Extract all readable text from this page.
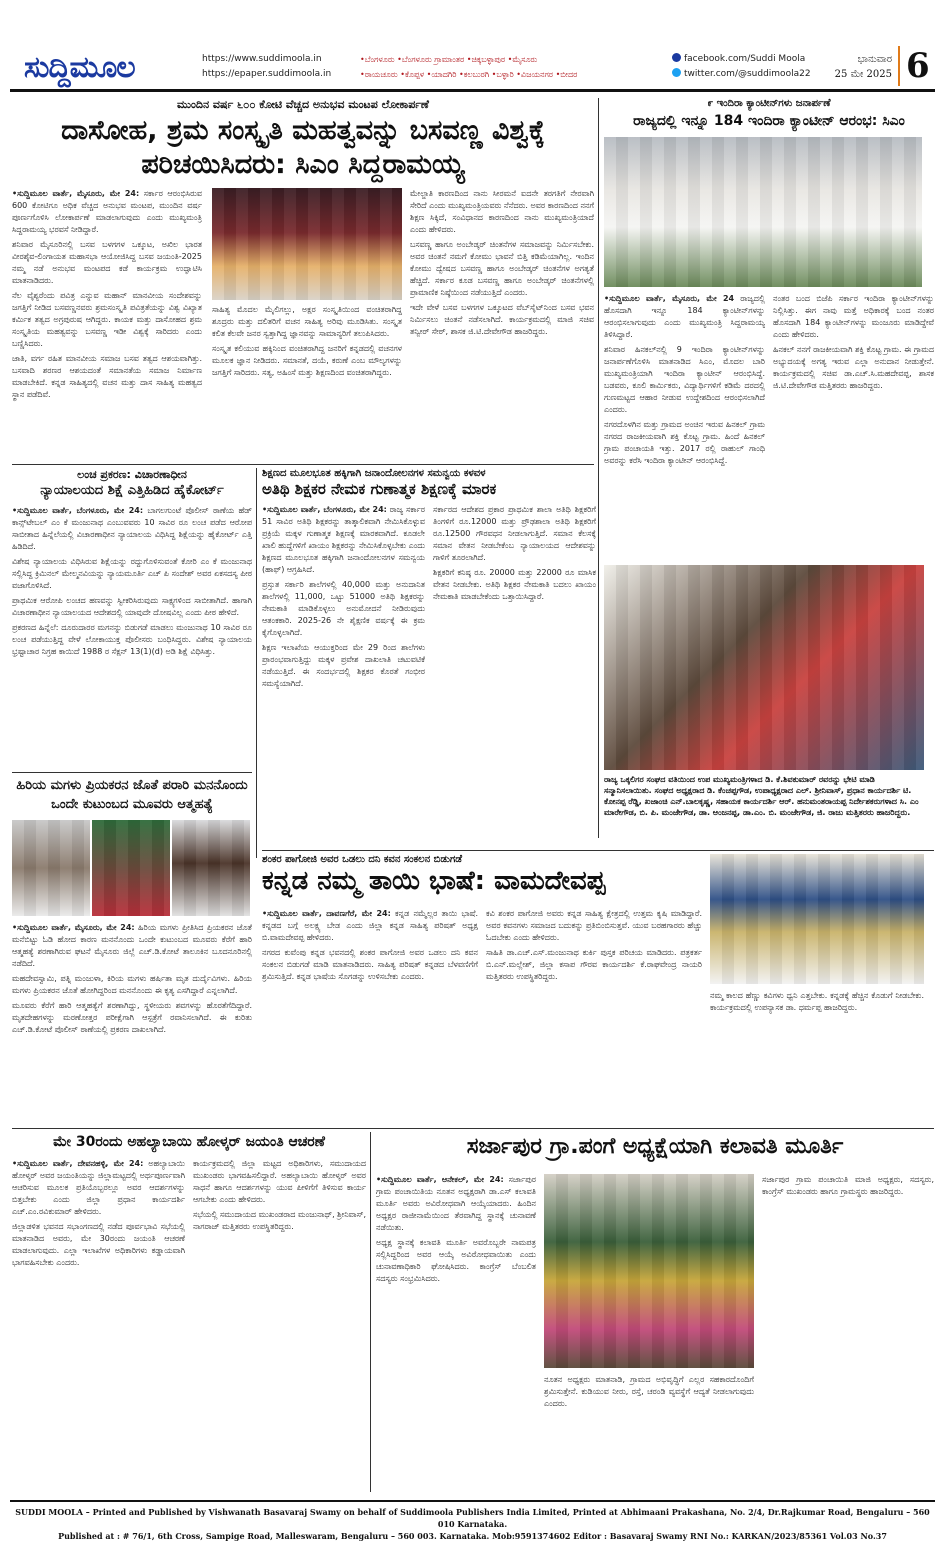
ಸುದ್ದಿಮೂಲ	https://www.suddimoola.in
https://epaper.suddimoola.in
•ಬೆಂಗಳೂರು •ಬೆಂಗಳೂರು ಗ್ರಾಮಾಂತರ •ಚಿಕ್ಕಬಳ್ಳಾಪುರ •ಮೈಸೂರು
•ರಾಯಚೂರು •ಕೊಪ್ಪಳ •ಯಾದಗಿರಿ •ಕಲಬುರಗಿ •ಬಳ್ಳಾರಿ •ವಿಜಯನಗರ •ಬೀದರ
facebook.com/Suddi Moola
twitter.com/@suddimoola22
ಭಾನುವಾರ
25 ಮೇ 2025 6
ಮುಂದಿನ ವರ್ಷ ೬೦೦ ಕೋಟಿ ವೆಚ್ಚದ ಅನುಭವ ಮಂಟಪ ಲೋಕಾರ್ಪಣೆ
ದಾಸೋಹ, ಶ್ರಮ ಸಂಸ್ಕೃತಿ ಮಹತ್ವವನ್ನು ಬಸವಣ್ಣ ವಿಶ್ವಕ್ಕೆ ಪರಿಚಯಿಸಿದರು: ಸಿಎಂ ಸಿದ್ದರಾಮಯ್ಯ

•ಸುದ್ದಿಮೂಲ ವಾರ್ತೆ, ಮೈಸೂರು, ಮೇ 24: ಸರ್ಕಾರ ಆರಂಭಿಸಿರುವ 600 ಕೋಟಿಗೂ ಅಧಿಕ ವೆಚ್ಚದ ಅನುಭವ ಮಂಟಪ, ಮುಂದಿನ ವರ್ಷ ಪೂರ್ಣಗೊಳಿಸಿ ಲೋಕಾರ್ಪಣೆ ಮಾಡಲಾಗುವುದು ಎಂದು ಮುಖ್ಯಮಂತ್ರಿ ಸಿದ್ದರಾಮಯ್ಯ ಭರವಸೆ ನೀಡಿದ್ದಾರೆ.

ಶನಿವಾರ ಮೈಸೂರಿನಲ್ಲಿ ಬಸವ ಬಳಗಗಳ ಒಕ್ಕೂಟ, ಅಖಿಲ ಭಾರತ ವೀರಶೈವ-ಲಿಂಗಾಯತ ಮಹಾಸಭಾ ಆಯೋಜಿಸಿದ್ದ ಬಸವ ಜಯಂತಿ-2025 ನಮ್ಮ ನಡೆ ಅನುಭವ ಮಂಟಪದ ಕಡೆ ಕಾರ್ಯಕ್ರಮ ಉದ್ಘಾಟಿಸಿ ಮಾತನಾಡಿದರು.

ನೆಲ ವೈಶ್ಯರೆಂದು ಪವಿತ್ರ ಎನ್ನುವ ಮಹಾನ್ ಮಾನವೀಯ ಸಂದೇಶವನ್ನು ಜಗತ್ತಿಗೆ ನೀಡಿದ ಬಸವಣ್ಣನವರು ಶ್ರಮಸಂಸ್ಕೃತಿ ಪವಿತ್ರತೆಯನ್ನು ವಿಶ್ವ ವಿಖ್ಯಾತ ಕರ್ಮಿಕ ತತ್ವದ ಅಗ್ರಪುರುಷ ಆಗಿದ್ದರು. ಕಾಯಕ ಮತ್ತು ದಾಸೋಹದ ಶ್ರಮ ಸಂಸ್ಕೃತಿಯ ಮಹತ್ವವನ್ನು ಬಸವಣ್ಣ ಇಡೀ ವಿಶ್ವಕ್ಕೆ ಸಾರಿದರು ಎಂದು ಬಣ್ಣಿಸಿದರು.

ಜಾತಿ, ವರ್ಗ ರಹಿತ ಮಾನವೀಯ ಸಮಾಜ ಬಸವ ತತ್ವದ ಆಶಯವಾಗಿತ್ತು. ಬಸವಾದಿ ಶರಣರ ಆಶಯದಂತೆ ಸಮಾನತೆಯ ಸಮಾಜ ನಿರ್ಮಾಣ ಮಾಡಬೇಕಿದೆ. ಕನ್ನಡ ಸಾಹಿತ್ಯದಲ್ಲಿ ವಚನ ಮತ್ತು ದಾಸ ಸಾಹಿತ್ಯ ಮಹತ್ವದ ಸ್ಥಾನ ಪಡೆದಿವೆ.

ಸಾಹಿತ್ಯ ಮೊದಲ ಮೈಲಿಗಲ್ಲು, ಅಕ್ಷರ ಸಂಸ್ಕೃತಿಯಿಂದ ವಂಚಿತರಾಗಿದ್ದ ಶೂದ್ರರು ಮತ್ತು ದಲಿತರಿಗೆ ವಚನ ಸಾಹಿತ್ಯ ಅರಿವು ಮೂಡಿಸಿತು. ಸಂಸ್ಕೃತ ಕಲಿತ ಕೆಲವೇ ಜನರ ಸ್ವತ್ತಾಗಿದ್ದ ಜ್ಞಾನವನ್ನು ಸಾಮಾನ್ಯರಿಗೆ ತಲುಪಿಸಿದರು.

ಸಂಸ್ಕೃತ ಕಲಿಯುವ ಹಕ್ಕಿನಿಂದ ವಂಚಿತರಾಗಿದ್ದ ಜನರಿಗೆ ಕನ್ನಡದಲ್ಲಿ ವಚನಗಳ ಮೂಲಕ ಜ್ಞಾನ ನೀಡಿದರು. ಸಮಾನತೆ, ದಯೆ, ಕರುಣೆ ಎಂಬ ಮೌಲ್ಯಗಳನ್ನು ಜಗತ್ತಿಗೆ ಸಾರಿದರು. ಸತ್ಯ, ಅಹಿಂಸೆ ಮತ್ತು ಶಿಕ್ಷಣದಿಂದ ವಂಚಿತರಾಗಿದ್ದರು.

ಮೇಲ್ಜಾತಿ ಕಾರಣದಿಂದ ನಾನು ಸೀರಮನೆ ಐದನೇ ತರಗತಿಗೆ ನೇರವಾಗಿ ಸೇರಿದೆ ಎಂದು ಮುಖ್ಯಮಂತ್ರಿಯವರು ನೆನೆದರು. ಅವರ ಕಾರಣದಿಂದ ನನಗೆ ಶಿಕ್ಷಣ ಸಿಕ್ಕಿದೆ, ಸಂವಿಧಾನದ ಕಾರಣದಿಂದ ನಾನು ಮುಖ್ಯಮಂತ್ರಿಯಾದೆ ಎಂದು ಹೇಳಿದರು.

ಬಸವಣ್ಣ ಹಾಗೂ ಅಂಬೇಡ್ಕರ್ ಚಿಂತನೆಗಳ ಸಮಾಜವನ್ನು ನಿರ್ಮಿಸಬೇಕು. ಅವರ ಚಿಂತನೆ ನಮಗೆ ಕೋಮು ಭಾವನೆ ಬಿತ್ತಿ ಕಡಿಮೆಯಾಗಿಲ್ಲ. ಇಂದಿನ ಕೋಮು ದ್ವೇಷದ ಬಸವಣ್ಣ ಹಾಗೂ ಅಂಬೇಡ್ಕರ್ ಚಿಂತನೆಗಳ ಅಗತ್ಯತೆ ಹೆಚ್ಚಿದೆ. ಸರ್ಕಾರ ಕೂಡ ಬಸವಣ್ಣ ಹಾಗೂ ಅಂಬೇಡ್ಕರ್ ಚಿಂತನೆಗಳಲ್ಲಿ ಪ್ರಾಮಾಣಿಕ ನಿಷ್ಠೆಯಿಂದ ನಡೆಯುತ್ತಿದೆ ಎಂದರು.

ಇದೇ ವೇಳೆ ಬಸವ ಬಳಗಗಳ ಒಕ್ಕೂಟದ ವೆಬ್‌ಸೈಟ್‌ನಿಂದ ಬಸವ ಭವನ ನಿರ್ಮಿಸಲು ಚಿಂತನೆ ನಡೆಸಲಾಗಿದೆ. ಕಾರ್ಯಕ್ರಮದಲ್ಲಿ ಮಾಜಿ ಸಚಿವ ತನ್ವೀರ್ ಸೇಠ್, ಶಾಸಕ ಜಿ.ಟಿ.ದೇವೇಗೌಡ ಹಾಜರಿದ್ದರು.

೯ ಇಂದಿರಾ ಕ್ಯಾಂಟೀನ್‌ಗಳು ಜನಾರ್ಪಣೆ
ರಾಜ್ಯದಲ್ಲಿ ಇನ್ನೂ 184 ಇಂದಿರಾ ಕ್ಯಾಂಟೀನ್ ಆರಂಭ: ಸಿಎಂ

•ಸುದ್ದಿಮೂಲ ವಾರ್ತೆ, ಮೈಸೂರು, ಮೇ 24 ರಾಜ್ಯದಲ್ಲಿ ಹೊಸದಾಗಿ ಇನ್ನೂ 184 ಕ್ಯಾಂಟೀನ್‌ಗಳನ್ನು ಆರಂಭಿಸಲಾಗುವುದು ಎಂದು ಮುಖ್ಯಮಂತ್ರಿ ಸಿದ್ದರಾಮಯ್ಯ ತಿಳಿಸಿದ್ದಾರೆ.

ಶನಿವಾರ ಹಿನಕಲ್‌ನಲ್ಲಿ 9 ಇಂದಿರಾ ಕ್ಯಾಂಟೀನ್‌ಗಳನ್ನು ಜನಾರ್ಪಣೆಗೊಳಿಸಿ ಮಾತನಾಡಿದ ಸಿಎಂ, ಮೊದಲ ಬಾರಿ ಮುಖ್ಯಮಂತ್ರಿಯಾಗಿ ಇಂದಿರಾ ಕ್ಯಾಂಟೀನ್ ಆರಂಭಿಸಿದ್ದೆ. ಬಡವರು, ಕೂಲಿ ಕಾರ್ಮಿಕರು, ವಿದ್ಯಾರ್ಥಿಗಳಿಗೆ ಕಡಿಮೆ ದರದಲ್ಲಿ ಗುಣಮಟ್ಟದ ಆಹಾರ ನೀಡುವ ಉದ್ದೇಶದಿಂದ ಆರಂಭಿಸಲಾಗಿದೆ ಎಂದರು.

ನಗರದೊಳಗಿನ ಮತ್ತು ಗ್ರಾಮದ ಅಂಚಿನ ಇರುವ ಹಿನಕಲ್ ಗ್ರಾಮ ನಗರದ ರಾಜಕೀಯವಾಗಿ ಶಕ್ತಿ ಕೊಟ್ಟ ಗ್ರಾಮ. ಹಿಂದೆ ಹಿನಕಲ್ ಗ್ರಾಮ ಪಂಚಾಯತಿ ಇತ್ತು. 2017 ರಲ್ಲಿ ರಾಹುಲ್ ಗಾಂಧಿ ಅವರನ್ನು ಕರೆಸಿ ಇಂದಿರಾ ಕ್ಯಾಂಟೀನ್ ಆರಂಭಿಸಿದ್ದೆ.

ನಂತರ ಬಂದ ಬಿಜೆಪಿ ಸರ್ಕಾರ ಇಂದಿರಾ ಕ್ಯಾಂಟೀನ್‌ಗಳನ್ನು ನಿಲ್ಲಿಸಿತ್ತು. ಈಗ ನಾವು ಮತ್ತೆ ಅಧಿಕಾರಕ್ಕೆ ಬಂದ ನಂತರ ಹೊಸದಾಗಿ 184 ಕ್ಯಾಂಟೀನ್‌ಗಳನ್ನು ಮಂಜೂರು ಮಾಡಿದ್ದೇವೆ ಎಂದು ಹೇಳಿದರು.

ಹಿನಕಲ್ ನನಗೆ ರಾಜಕೀಯವಾಗಿ ಶಕ್ತಿ ಕೊಟ್ಟ ಗ್ರಾಮ. ಈ ಗ್ರಾಮದ ಅಭ್ಯುದಯಕ್ಕೆ ಅಗತ್ಯ ಇರುವ ಎಲ್ಲಾ ಅನುದಾನ ನೀಡುತ್ತೇನೆ. ಕಾರ್ಯಕ್ರಮದಲ್ಲಿ ಸಚಿವ ಡಾ.ಎಚ್.ಸಿ.ಮಹದೇವಪ್ಪ, ಶಾಸಕ ಜಿ.ಟಿ.ದೇವೇಗೌಡ ಮತ್ತಿತರರು ಹಾಜರಿದ್ದರು.

ರಾಜ್ಯ ಒಕ್ಕಲಿಗರ ಸಂಘದ ವತಿಯಿಂದ ಉಪ ಮುಖ್ಯಮಂತ್ರಿಗಳಾದ ಡಿ. ಕೆ.ಶಿವಕುಮಾರ್ ರವರನ್ನು ಭೇಟಿ ಮಾಡಿ ಸನ್ಮಾನಿಸಲಾಯಿತು. ಸಂಘದ ಅಧ್ಯಕ್ಷರಾದ ಡಿ. ಕೆಂಚಪ್ಪಗೌಡ, ಉಪಾಧ್ಯಕ್ಷರಾದ ಎಲ್. ಶ್ರೀನಿವಾಸ್, ಪ್ರಧಾನ ಕಾರ್ಯದರ್ಶಿ ಟಿ. ಕೋನಪ್ಪ ರೆಡ್ಡಿ, ಖಜಾಂಚಿ ಎನ್.ಬಾಲಕೃಷ್ಣ, ಸಹಾಯಕ ಕಾರ್ಯದರ್ಶಿ ಆರ್. ಹನುಮಂತರಾಯಪ್ಪ ನಿರ್ದೇಶಕರುಗಳಾದ ಸಿ. ಎಂ ಮಾರೇಗೌಡ, ಬಿ. ಪಿ. ಮಂಜೇಗೌಡ, ಡಾ. ಆಂಜನಪ್ಪ, ಡಾ.ಎಂ. ಬಿ. ಮಂಜೇಗೌಡ, ಜಿ. ರಾಜು ಮತ್ತಿತರರು ಹಾಜರಿದ್ದರು.
ಲಂಚ ಪ್ರಕರಣ: ವಿಚಾರಣಾಧೀನ
ನ್ಯಾಯಾಲಯದ ಶಿಕ್ಷೆ ಎತ್ತಿಹಿಡಿದ ಹೈಕೋರ್ಟ್

•ಸುದ್ದಿಮೂಲ ವಾರ್ತೆ, ಬೆಂಗಳೂರು, ಮೇ 24: ಬಾಗಲಗುಂಟೆ ಪೊಲೀಸ್ ಠಾಣೆಯ ಹೆಡ್ ಕಾನ್ಸ್‌ಟೇಬಲ್ ಎಂ ಕೆ ಮಂಜುನಾಥ ಎಂಬುವವರು 10 ಸಾವಿರ ರೂ ಲಂಚ ಪಡೆದ ಆರೋಪ ಸಾಬೀತಾದ ಹಿನ್ನೆಲೆಯಲ್ಲಿ ವಿಚಾರಣಾಧೀನ ನ್ಯಾಯಾಲಯ ವಿಧಿಸಿದ್ದ ಶಿಕ್ಷೆಯನ್ನು ಹೈಕೋರ್ಟ್ ಎತ್ತಿ ಹಿಡಿದಿದೆ.

ವಿಶೇಷ ನ್ಯಾಯಾಲಯ ವಿಧಿಸಿರುವ ಶಿಕ್ಷೆಯನ್ನು ರದ್ದುಗೊಳಿಸುವಂತೆ ಕೋರಿ ಎಂ ಕೆ ಮಂಜುನಾಥ ಸಲ್ಲಿಸಿದ್ದ ಕ್ರಿಮಿನಲ್ ಮೇಲ್ಮನವಿಯನ್ನು ನ್ಯಾಯಮೂರ್ತಿ ಎಚ್ ಪಿ ಸಂದೇಶ್ ಅವರ ಏಕಸದಸ್ಯ ಪೀಠ ವಜಾಗೊಳಿಸಿದೆ.

ಪ್ರಾಥಮಿಕ ಆರೋಪಿ ಲಂಚದ ಹಣವನ್ನು ಸ್ವೀಕರಿಸಿರುವುದು ಸಾಕ್ಷ್ಯಗಳಿಂದ ಸಾಬೀತಾಗಿದೆ. ಹಾಗಾಗಿ ವಿಚಾರಣಾಧೀನ ನ್ಯಾಯಾಲಯದ ಆದೇಶದಲ್ಲಿ ಯಾವುದೇ ದೋಷವಿಲ್ಲ ಎಂದು ಪೀಠ ಹೇಳಿದೆ.

ಪ್ರಕರಣದ ಹಿನ್ನೆಲೆ: ದೂರುದಾರರ ಮಗನನ್ನು ಬಿಡುಗಡೆ ಮಾಡಲು ಮಂಜುನಾಥ 10 ಸಾವಿರ ರೂ ಲಂಚ ಪಡೆಯುತ್ತಿದ್ದ ವೇಳೆ ಲೋಕಾಯುಕ್ತ ಪೊಲೀಸರು ಬಂಧಿಸಿದ್ದರು. ವಿಶೇಷ ನ್ಯಾಯಾಲಯ ಭ್ರಷ್ಟಾಚಾರ ನಿಗ್ರಹ ಕಾಯಿದೆ 1988 ರ ಸೆಕ್ಷನ್ 13(1)(d) ಅಡಿ ಶಿಕ್ಷೆ ವಿಧಿಸಿತ್ತು.

ಶಿಕ್ಷಣದ ಮೂಲಭೂತ ಹಕ್ಕಿಗಾಗಿ ಜನಾಂದೋಲನಗಳ ಸಮನ್ವಯ ಕಳವಳ
ಅತಿಥಿ ಶಿಕ್ಷಕರ ನೇಮಕ ಗುಣಾತ್ಮಕ ಶಿಕ್ಷಣಕ್ಕೆ ಮಾರಕ

•ಸುದ್ದಿಮೂಲ ವಾರ್ತೆ, ಬೆಂಗಳೂರು, ಮೇ 24: ರಾಜ್ಯ ಸರ್ಕಾರ 51 ಸಾವಿರ ಅತಿಥಿ ಶಿಕ್ಷಕರನ್ನು ತಾತ್ಕಾಲಿಕವಾಗಿ ನೇಮಿಸಿಕೊಳ್ಳುವ ಪ್ರಕ್ರಿಯೆ ಮಕ್ಕಳ ಗುಣಾತ್ಮಕ ಶಿಕ್ಷಣಕ್ಕೆ ಮಾರಕವಾಗಿದೆ. ಕೂಡಲೇ ಖಾಲಿ ಹುದ್ದೆಗಳಿಗೆ ಖಾಯಂ ಶಿಕ್ಷಕರನ್ನು ನೇಮಿಸಿಕೊಳ್ಳಬೇಕು ಎಂದು ಶಿಕ್ಷಣದ ಮೂಲಭೂತ ಹಕ್ಕಿಗಾಗಿ ಜನಾಂದೋಲನಗಳ ಸಮನ್ವಯ (ಹಾಫ್) ಆಗ್ರಹಿಸಿದೆ.

ಪ್ರಸ್ತುತ ಸರ್ಕಾರಿ ಶಾಲೆಗಳಲ್ಲಿ 40,000 ಮತ್ತು ಅನುದಾನಿತ ಶಾಲೆಗಳಲ್ಲಿ 11,000, ಒಟ್ಟು 51000 ಅತಿಥಿ ಶಿಕ್ಷಕರನ್ನು ನೇಮಕಾತಿ ಮಾಡಿಕೊಳ್ಳಲು ಅನುಮೋದನೆ ನೀಡಿರುವುದು ಆತಂಕಕಾರಿ. 2025-26 ನೇ ಶೈಕ್ಷಣಿಕ ವರ್ಷಕ್ಕೆ ಈ ಕ್ರಮ ಕೈಗೊಳ್ಳಲಾಗಿದೆ.

ಶಿಕ್ಷಣ ಇಲಾಖೆಯ ಆಯುಕ್ತರಿಂದ ಮೇ 29 ರಿಂದ ಶಾಲೆಗಳು ಪ್ರಾರಂಭವಾಗುತ್ತಿದ್ದು ಮಕ್ಕಳ ಪ್ರವೇಶ ದಾಖಲಾತಿ ಚಟುವಟಿಕೆ ನಡೆಯುತ್ತಿದೆ. ಈ ಸಂದರ್ಭದಲ್ಲಿ ಶಿಕ್ಷಕರ ಕೊರತೆ ಗಂಭೀರ ಸಮಸ್ಯೆಯಾಗಿದೆ.

ಸರ್ಕಾರದ ಆದೇಶದ ಪ್ರಕಾರ ಪ್ರಾಥಮಿಕ ಶಾಲಾ ಅತಿಥಿ ಶಿಕ್ಷಕರಿಗೆ ತಿಂಗಳಿಗೆ ರೂ.12000 ಮತ್ತು ಪ್ರೌಢಶಾಲಾ ಅತಿಥಿ ಶಿಕ್ಷಕರಿಗೆ ರೂ.12500 ಗೌರವಧನ ನೀಡಲಾಗುತ್ತಿದೆ. ಸಮಾನ ಕೆಲಸಕ್ಕೆ ಸಮಾನ ವೇತನ ನೀಡಬೇಕೆಂಬ ನ್ಯಾಯಾಲಯದ ಆದೇಶವನ್ನು ಗಾಳಿಗೆ ತೂರಲಾಗಿದೆ.

ಶಿಕ್ಷಕರಿಗೆ ಕನಿಷ್ಠ ರೂ. 20000 ಮತ್ತು 22000 ರೂ ಮಾಸಿಕ ವೇತನ ನೀಡಬೇಕು. ಅತಿಥಿ ಶಿಕ್ಷಕರ ನೇಮಕಾತಿ ಬದಲು ಖಾಯಂ ನೇಮಕಾತಿ ಮಾಡಬೇಕೆಂದು ಒತ್ತಾಯಿಸಿದ್ದಾರೆ.

ಹಿರಿಯ ಮಗಳು ಪ್ರಿಯಕರನ ಜೊತೆ ಪರಾರಿ ಮನನೊಂದು ಒಂದೇ ಕುಟುಂಬದ ಮೂವರು ಆತ್ಮಹತ್ಯೆ

•ಸುದ್ದಿಮೂಲ ವಾರ್ತೆ, ಮೈಸೂರು, ಮೇ 24: ಹಿರಿಯ ಮಗಳು ಪ್ರೀತಿಸಿದ ಪ್ರಿಯಕರನ ಜೊತೆ ಮನೆಬಿಟ್ಟು ಓಡಿ ಹೋದ ಕಾರಣ ಮನನೊಂದು ಒಂದೇ ಕುಟುಂಬದ ಮೂವರು ಕೆರೆಗೆ ಹಾರಿ ಆತ್ಮಹತ್ಯೆ ಶರಣಾಗಿರುವ ಘಟನೆ ಮೈಸೂರು ಜಿಲ್ಲೆ ಎಚ್.ಡಿ.ಕೋಟೆ ತಾಲೂಕಿನ ಬೂದನೂರಿನಲ್ಲಿ ನಡೆದಿದೆ.

ಮಹದೇವಸ್ವಾಮಿ, ಪತ್ನಿ ಮಂಜುಳಾ, ಕಿರಿಯ ಮಗಳು ಹರ್ಷಿತಾ ಮೃತ ದುರ್ದೈವಿಗಳು. ಹಿರಿಯ ಮಗಳು ಪ್ರಿಯಕರನ ಜೊತೆ ಹೋಗಿದ್ದರಿಂದ ಮನನೊಂದು ಈ ಕೃತ್ಯ ಎಸಗಿದ್ದಾರೆ ಎನ್ನಲಾಗಿದೆ.

ಮೂವರು ಕೆರೆಗೆ ಹಾರಿ ಆತ್ಮಹತ್ಯೆಗೆ ಶರಣಾಗಿದ್ದು, ಸ್ಥಳೀಯರು ಶವಗಳನ್ನು ಹೊರತೆಗೆದಿದ್ದಾರೆ. ಮೃತದೇಹಗಳನ್ನು ಮರಣೋತ್ತರ ಪರೀಕ್ಷೆಗಾಗಿ ಆಸ್ಪತ್ರೆಗೆ ರವಾನಿಸಲಾಗಿದೆ. ಈ ಕುರಿತು ಎಚ್.ಡಿ.ಕೋಟೆ ಪೊಲೀಸ್ ಠಾಣೆಯಲ್ಲಿ ಪ್ರಕರಣ ದಾಖಲಾಗಿದೆ.

ಶಂಕರ ಪಾಗೋಜಿ ಅವರ ಒಡಲು ದನಿ ಕವನ ಸಂಕಲನ ಬಿಡುಗಡೆ
ಕನ್ನಡ ನಮ್ಮ ತಾಯಿ ಭಾಷೆ: ವಾಮದೇವಪ್ಪ

•ಸುದ್ದಿಮೂಲ ವಾರ್ತೆ, ದಾವಣಗೆರೆ, ಮೇ 24: ಕನ್ನಡ ನಮ್ಮೆಲ್ಲರ ತಾಯಿ ಭಾಷೆ. ಕನ್ನಡದ ಬಗ್ಗೆ ಅಲಕ್ಷ್ಯ ಬೇಡ ಎಂದು ಜಿಲ್ಲಾ ಕನ್ನಡ ಸಾಹಿತ್ಯ ಪರಿಷತ್ ಅಧ್ಯಕ್ಷ ಬಿ.ವಾಮದೇವಪ್ಪ ಹೇಳಿದರು.

ನಗರದ ಕುವೆಂಪು ಕನ್ನಡ ಭವನದಲ್ಲಿ ಶಂಕರ ಪಾಗೋಜಿ ಅವರ ಒಡಲು ದನಿ ಕವನ ಸಂಕಲನ ಬಿಡುಗಡೆ ಮಾಡಿ ಮಾತನಾಡಿದರು. ಸಾಹಿತ್ಯ ಪರಿಷತ್ ಕನ್ನಡದ ಬೆಳವಣಿಗೆಗೆ ಶ್ರಮಿಸುತ್ತಿದೆ. ಕನ್ನಡ ಭಾಷೆಯ ಸೊಗಡನ್ನು ಉಳಿಸಬೇಕು ಎಂದರು.

ಕವಿ ಶಂಕರ ಪಾಗೋಜಿ ಅವರು ಕನ್ನಡ ಸಾಹಿತ್ಯ ಕ್ಷೇತ್ರದಲ್ಲಿ ಉತ್ತಮ ಕೃಷಿ ಮಾಡಿದ್ದಾರೆ. ಅವರ ಕವನಗಳು ಸಮಾಜದ ಬದುಕನ್ನು ಪ್ರತಿಬಿಂಬಿಸುತ್ತವೆ. ಯುವ ಬರಹಗಾರರು ಹೆಚ್ಚು ಓದಬೇಕು ಎಂದು ಹೇಳಿದರು.

ಸಾಹಿತಿ ಡಾ.ಎಚ್.ಎಸ್.ಮಂಜುನಾಥ ಕುರ್ಕಿ ಪುಸ್ತಕ ಪರಿಚಯ ಮಾಡಿದರು. ಪತ್ರಕರ್ತ ಬಿ.ಎನ್.ಮಲ್ಲೇಶ್, ಜಿಲ್ಲಾ ಕಸಾಪ ಗೌರವ ಕಾರ್ಯದರ್ಶಿ ಕೆ.ರಾಘವೇಂದ್ರ ನಾಯರಿ ಮತ್ತಿತರರು ಉಪಸ್ಥಿತರಿದ್ದರು.

ನಮ್ಮ ಕಾಲದ ಹೆಣ್ಣು ಕವಿಗಳು ಧ್ವನಿ ಎತ್ತಬೇಕು. ಕನ್ನಡಕ್ಕೆ ಹೆಚ್ಚಿನ ಕೊಡುಗೆ ನೀಡಬೇಕು. ಕಾರ್ಯಕ್ರಮದಲ್ಲಿ ಉಪನ್ಯಾಸಕ ಡಾ. ಧರ್ಮಪ್ಪ ಹಾಜರಿದ್ದರು.

ಮೇ 30ರಂದು ಅಹಲ್ಯಾಬಾಯಿ ಹೋಳ್ಕರ್ ಜಯಂತಿ ಆಚರಣೆ

•ಸುದ್ದಿಮೂಲ ವಾರ್ತೆ, ದೇವನಹಳ್ಳಿ, ಮೇ 24: ಅಹಲ್ಯಾಬಾಯಿ ಹೋಳ್ಕರ್ ಅವರ ಜಯಂತಿಯನ್ನು ಜಿಲ್ಲಾಮಟ್ಟದಲ್ಲಿ ಅರ್ಥಪೂರ್ಣವಾಗಿ ಆಚರಿಸುವ ಮೂಲಕ ಪ್ರತಿಯೊಬ್ಬರಲ್ಲೂ ಅವರ ಆದರ್ಶಗಳನ್ನು ಬಿತ್ತಬೇಕು ಎಂದು ಜಿಲ್ಲಾ ಪ್ರಧಾನ ಕಾರ್ಯದರ್ಶಿ ಎಚ್.ಎಂ.ರವಿಕುಮಾರ್ ಹೇಳಿದರು.

ಜಿಲ್ಲಾಡಳಿತ ಭವನದ ಸಭಾಂಗಣದಲ್ಲಿ ನಡೆದ ಪೂರ್ವಭಾವಿ ಸಭೆಯಲ್ಲಿ ಮಾತನಾಡಿದ ಅವರು, ಮೇ 30ರಂದು ಜಯಂತಿ ಆಚರಣೆ ಮಾಡಲಾಗುವುದು. ಎಲ್ಲಾ ಇಲಾಖೆಗಳ ಅಧಿಕಾರಿಗಳು ಕಡ್ಡಾಯವಾಗಿ ಭಾಗವಹಿಸಬೇಕು ಎಂದರು.

ಕಾರ್ಯಕ್ರಮದಲ್ಲಿ ಜಿಲ್ಲಾ ಮಟ್ಟದ ಅಧಿಕಾರಿಗಳು, ಸಮುದಾಯದ ಮುಖಂಡರು ಭಾಗವಹಿಸಲಿದ್ದಾರೆ. ಅಹಲ್ಯಾಬಾಯಿ ಹೋಳ್ಕರ್ ಅವರ ಸಾಧನೆ ಹಾಗೂ ಆದರ್ಶಗಳನ್ನು ಯುವ ಪೀಳಿಗೆಗೆ ತಿಳಿಸುವ ಕಾರ್ಯ ಆಗಬೇಕು ಎಂದು ಹೇಳಿದರು.

ಸಭೆಯಲ್ಲಿ ಸಮುದಾಯದ ಮುಖಂಡರಾದ ಮಂಜುನಾಥ್, ಶ್ರೀನಿವಾಸ್, ನಾಗರಾಜ್ ಮತ್ತಿತರರು ಉಪಸ್ಥಿತರಿದ್ದರು.

ಸರ್ಜಾಪುರ ಗ್ರಾ.ಪಂಗೆ ಅಧ್ಯಕ್ಷೆಯಾಗಿ ಕಲಾವತಿ ಮೂರ್ತಿ

•ಸುದ್ದಿಮೂಲ ವಾರ್ತೆ, ಆನೇಕಲ್, ಮೇ 24: ಸರ್ಜಾಪುರ ಗ್ರಾಮ ಪಂಚಾಯಿತಿಯ ನೂತನ ಅಧ್ಯಕ್ಷರಾಗಿ ಡಾ.ಎಸ್ ಕಲಾವತಿ ಮೂರ್ತಿ ಅವರು ಅವಿರೋಧವಾಗಿ ಆಯ್ಕೆಯಾದರು. ಹಿಂದಿನ ಅಧ್ಯಕ್ಷರ ರಾಜೀನಾಮೆಯಿಂದ ತೆರವಾಗಿದ್ದ ಸ್ಥಾನಕ್ಕೆ ಚುನಾವಣೆ ನಡೆಯಿತು.

ಅಧ್ಯಕ್ಷ ಸ್ಥಾನಕ್ಕೆ ಕಲಾವತಿ ಮೂರ್ತಿ ಅವರೊಬ್ಬರೇ ನಾಮಪತ್ರ ಸಲ್ಲಿಸಿದ್ದರಿಂದ ಅವರ ಆಯ್ಕೆ ಅವಿರೋಧವಾಯಿತು ಎಂದು ಚುನಾವಣಾಧಿಕಾರಿ ಘೋಷಿಸಿದರು. ಕಾಂಗ್ರೆಸ್ ಬೆಂಬಲಿತ ಸದಸ್ಯರು ಸಂಭ್ರಮಿಸಿದರು.

ನೂತನ ಅಧ್ಯಕ್ಷರು ಮಾತನಾಡಿ, ಗ್ರಾಮದ ಅಭಿವೃದ್ಧಿಗೆ ಎಲ್ಲರ ಸಹಕಾರದೊಂದಿಗೆ ಶ್ರಮಿಸುತ್ತೇನೆ. ಕುಡಿಯುವ ನೀರು, ರಸ್ತೆ, ಚರಂಡಿ ವ್ಯವಸ್ಥೆಗೆ ಆದ್ಯತೆ ನೀಡಲಾಗುವುದು ಎಂದರು.

ಸರ್ಜಾಪುರ ಗ್ರಾಮ ಪಂಚಾಯಿತಿ ಮಾಜಿ ಅಧ್ಯಕ್ಷರು, ಸದಸ್ಯರು, ಕಾಂಗ್ರೆಸ್ ಮುಖಂಡರು ಹಾಗೂ ಗ್ರಾಮಸ್ಥರು ಹಾಜರಿದ್ದರು.

SUDDI MOOLA – Printed and Published by Vishwanath Basavaraj Swamy on behalf of Suddimoola Publishers India Limited, Printed at Abhimaani Prakashana, No. 2/4, Dr.Rajkumar Road, Bengaluru – 560 010 Karnataka.
Published at : # 76/1, 6th Cross, Sampige Road, Malleswaram, Bengaluru – 560 003. Karnataka. Mob:9591374602 Editor : Basavaraj Swamy RNI No.: KARKAN/2023/85361 Vol.03 No.37
